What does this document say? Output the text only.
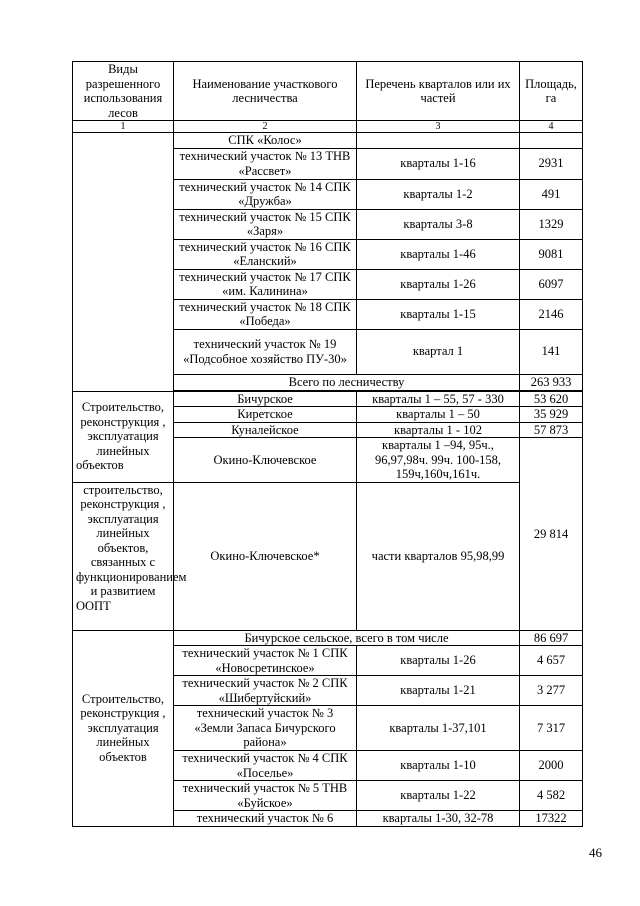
Виды разрешенного использования лесов	Наименование участкового лесничества	Перечень кварталов или их частей	Площадь, га
1	2	3	4
	СПК «Колос»		
	технический участок № 13 ТНВ «Рассвет»	кварталы 1-16	2931
	технический участок № 14 СПК «Дружба»	кварталы 1-2	491
	технический участок № 15 СПК «Заря»	кварталы 3-8	1329
	технический участок № 16 СПК «Еланский»	кварталы 1-46	9081
	технический участок № 17 СПК «им. Калинина»	кварталы 1-26	6097
	технический участок № 18 СПК «Победа»	кварталы 1-15	2146
	технический участок № 19 «Подсобное хозяйство ПУ-30»	квартал 1	141
	Всего по лесничеству		263 933

Строительство, реконструкция , эксплуатация линейных объектов	Бичурское	кварталы 1 – 55, 57 - 330	53 620
	Киретское	кварталы 1 – 50	35 929
	Куналейское	кварталы 1 - 102	57 873
	Окино-Ключевское	кварталы 1 –94, 95ч., 96,97,98ч. 99ч. 100-158, 159ч,160ч,161ч.	29 814
строительство, реконструкция , эксплуатация линейных объектов, связанных с функционированием и развитием ООПТ	Окино-Ключевское*	части кварталов 95,98,99	
Строительство, реконструкция , эксплуатация линейных объектов	Бичурское сельское, всего в том числе		86 697
	технический участок № 1 СПК «Новосретинское»	кварталы 1-26	4 657
	технический участок № 2 СПК «Шибертуйский»	кварталы 1-21	3 277
	технический участок № 3 «Земли Запаса Бичурского района»	кварталы 1-37,101	7 317
	технический участок № 4 СПК «Поселье»	кварталы 1-10	2000
	технический участок № 5 ТНВ «Буйское»	кварталы 1-22	4 582
	технический участок № 6	кварталы 1-30, 32-78	17322
46
